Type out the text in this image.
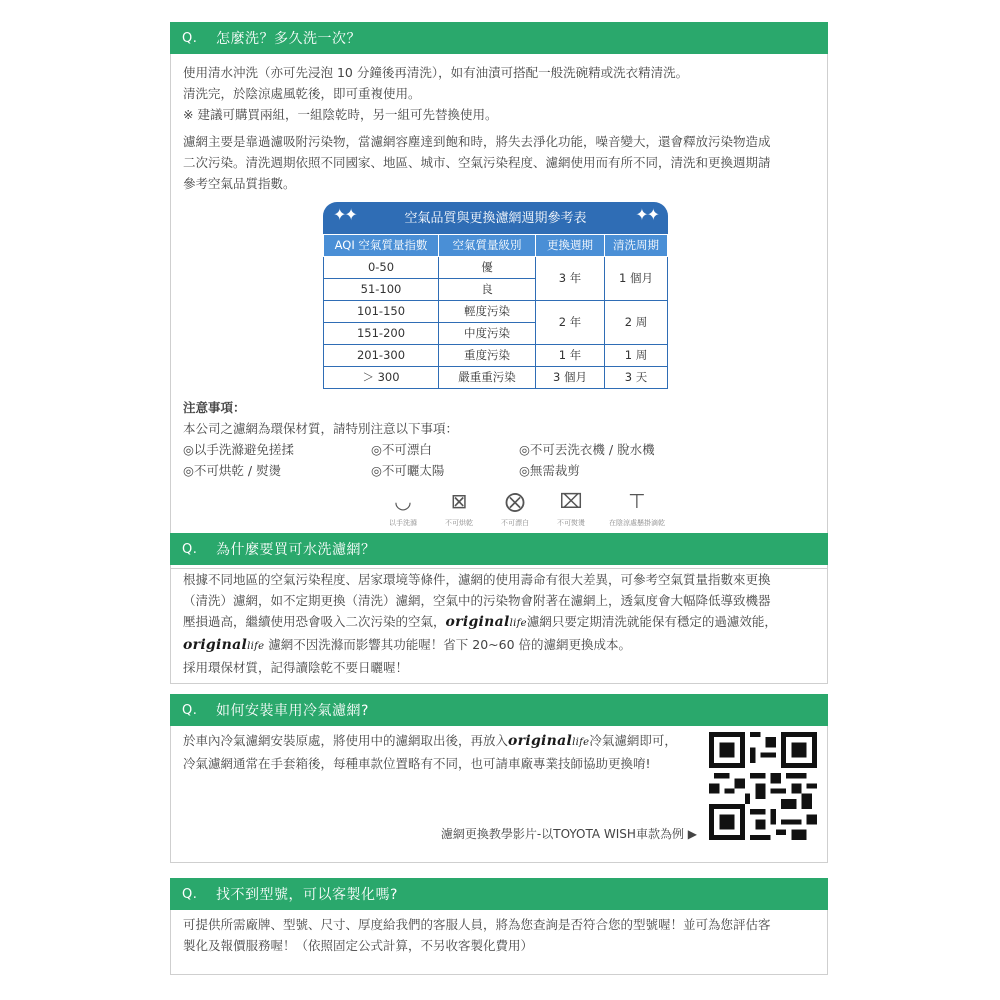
Q.	怎麼洗？多久洗一次？

使用清水沖洗（亦可先浸泡 10 分鐘後再清洗），如有油漬可搭配一般洗碗精或洗衣精清洗。

清洗完，於陰涼處風乾後，即可重複使用。

※ 建議可購買兩組，一組陰乾時，另一組可先替換使用。

濾網主要是靠過濾吸附污染物，當濾網容塵達到飽和時，將失去淨化功能，噪音變大，還會釋放污染物造成

二次污染。清洗週期依照不同國家、地區、城市、空氣污染程度、濾網使用而有所不同，清洗和更換週期請

參考空氣品質指數。

✦✦	空氣品質與更換濾網週期參考表	✦✦
AQI 空氣質量指數	空氣質量級別	更換週期	清洗周期
0-50	優	3 年	1 個月
51-100	良		
101-150	輕度污染	2 年	2 周
151-200	中度污染		
201-300	重度污染	1 年	1 周
＞ 300	嚴重重污染	3 個月	3 天

注意事項：

本公司之濾網為環保材質，請特別注意以下事項：

◎以手洗滌避免搓揉	◎不可漂白	◎不可丟洗衣機 / 脫水機
◎不可烘乾 / 熨燙	◎不可曬太陽	◎無需裁剪
◡
以手洗滌
⊠
不可烘乾
⨂
不可漂白
⌧
不可熨燙
⊤
在陰涼處懸掛滴乾
Q.	為什麼要買可水洗濾網？

根據不同地區的空氣污染程度、居家環境等條件，濾網的使用壽命有很大差異，可參考空氣質量指數來更換

（清洗）濾網，如不定期更換（清洗）濾網，空氣中的污染物會附著在濾網上，透氣度會大幅降低導致機器

壓損過高，繼續使用恐會吸入二次污染的空氣，originallife濾網只要定期清洗就能保有穩定的過濾效能，

originallife 濾網不因洗滌而影響其功能喔！省下 20~60 倍的濾網更換成本。

採用環保材質，記得讀陰乾不要日曬喔！

Q.	如何安裝車用冷氣濾網?

於車內冷氣濾網安裝原處，將使用中的濾網取出後，再放入originallife冷氣濾網即可，

冷氣濾網通常在手套箱後，每種車款位置略有不同，也可請車廠專業技師協助更換唷!

濾網更換教學影片-以TOYOTA WISH車款為例 ▶
Q.	找不到型號，可以客製化嗎?

可提供所需廠牌、型號、尺寸、厚度給我們的客服人員，將為您查詢是否符合您的型號喔！並可為您評估客

製化及報價服務喔！（依照固定公式計算，不另收客製化費用）
